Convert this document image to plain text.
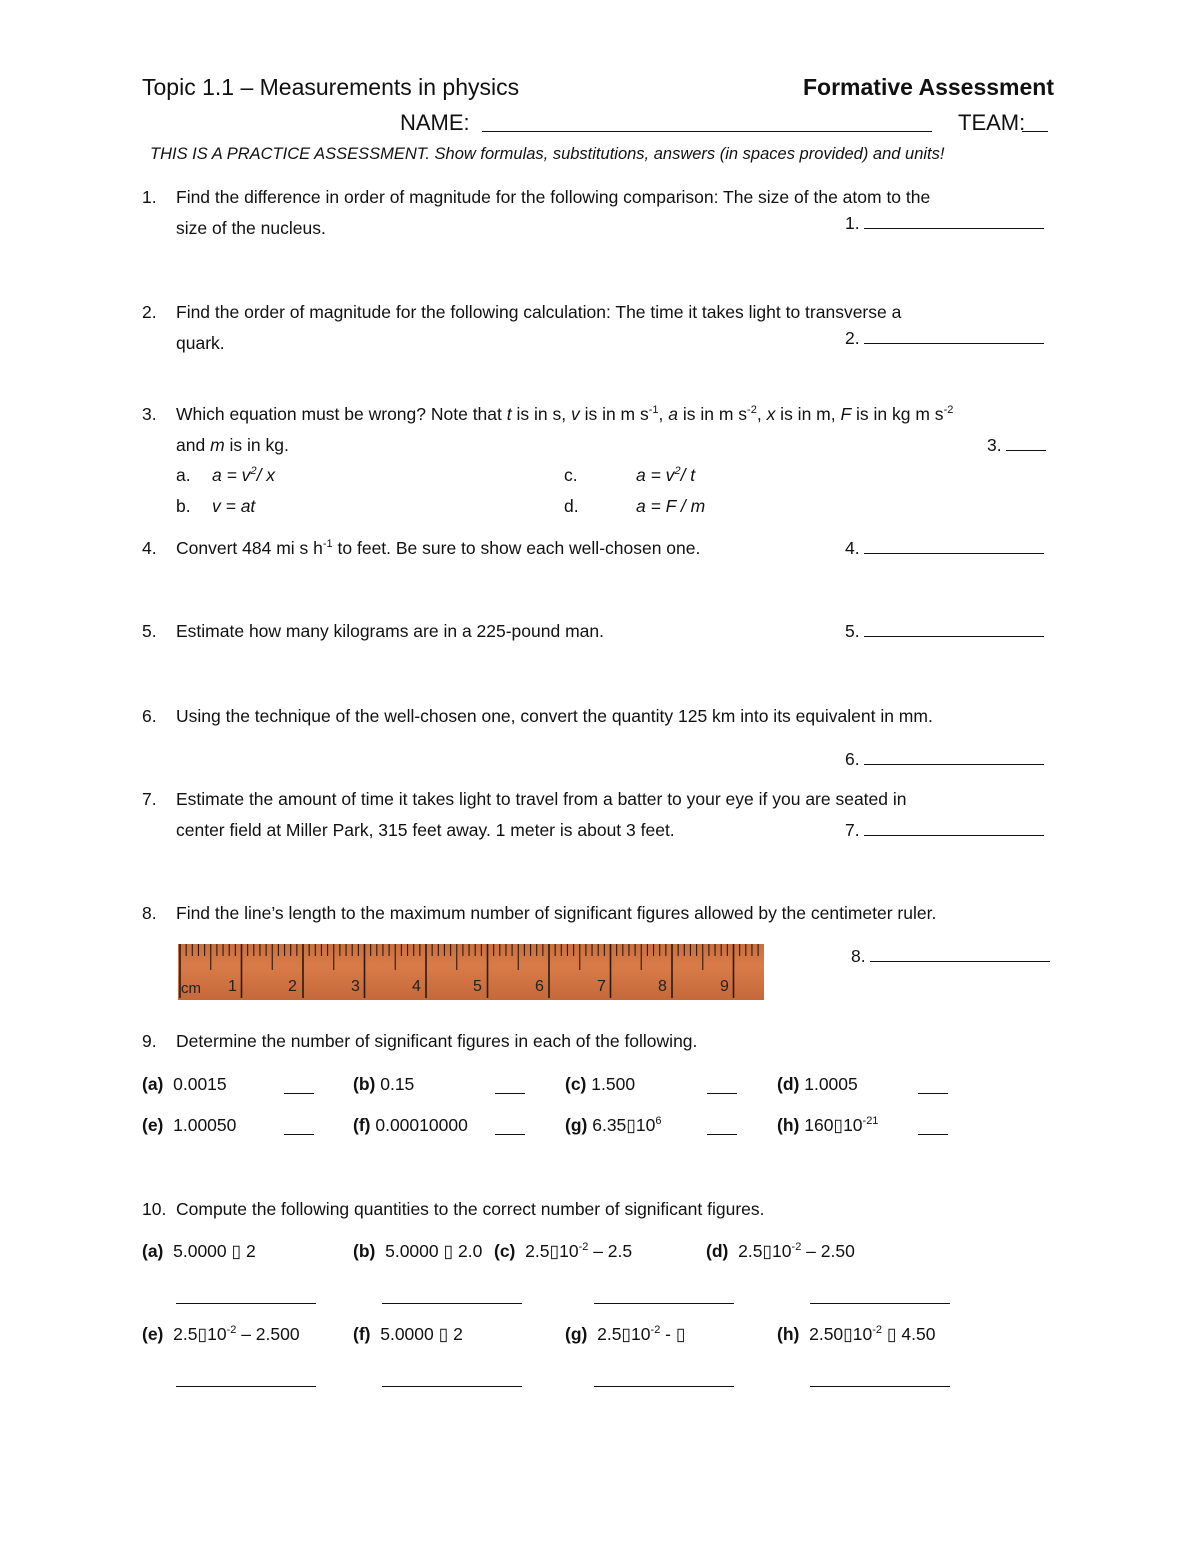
Topic 1.1 – Measurements in physics	Formative Assessment
NAME:	TEAM:
THIS IS A PRACTICE ASSESSMENT. Show formulas, substitutions, answers (in spaces provided) and units!
1. Find the difference in order of magnitude for the following comparison: The size of the atom to the
size of the nucleus.	1.
2. Find the order of magnitude for the following calculation: The time it takes light to transverse a
quark.	2.
3. Which equation must be wrong? Note that t is in s, v is in m $s^{-1}$, a is in m $s^{-2}$, x is in m, F is in kg m $s^{-2}$
and m is in kg.	3.
a. $a = v^2/$ x
b. v = at
c.	$a = v^2/$ t
d.	a = F / m
4. Convert 484 mi s $h^{-1}$ to feet. Be sure to show each well-chosen one.	4.
5. Estimate how many kilograms are in a 225-pound man.	5.
6. Using the technique of the well-chosen one, convert the quantity 125 km into its equivalent in mm.
6.
7. Estimate the amount of time it takes light to travel from a batter to your eye if you are seated in
center field at Miller Park, 315 feet away. 1 meter is about 3 feet.	7.
8. Find the line’s length to the maximum number of significant figures allowed by the centimeter ruler.
8.
cm 1	2	3	4	5	6	7	8	9
9. Determine the number of significant figures in each of the following.
(a) 0.0015	(b) 0.15	(c) 1.500	(d) 1.0005
(e) 1.00050	(f) 0.00010000	(g) $6.35▯10^6$	(h) $160▯10^{-21}$
10. Compute the following quantities to the correct number of significant figures.
(a) 5.0000 ▯ 2	(b) 5.0000 ▯ 2.0 (c) $2.5▯10^{-2} - 2.5$	(d) $2.5▯10^{-2} - 2.50$
(e) $2.5▯10^{-2} - 2.500$	(f) 5.0000 ▯ 2	(g) $2.5▯10^{-2}$ - ▯	(h) $2.50▯10^{-2}$ ▯ 4.50
